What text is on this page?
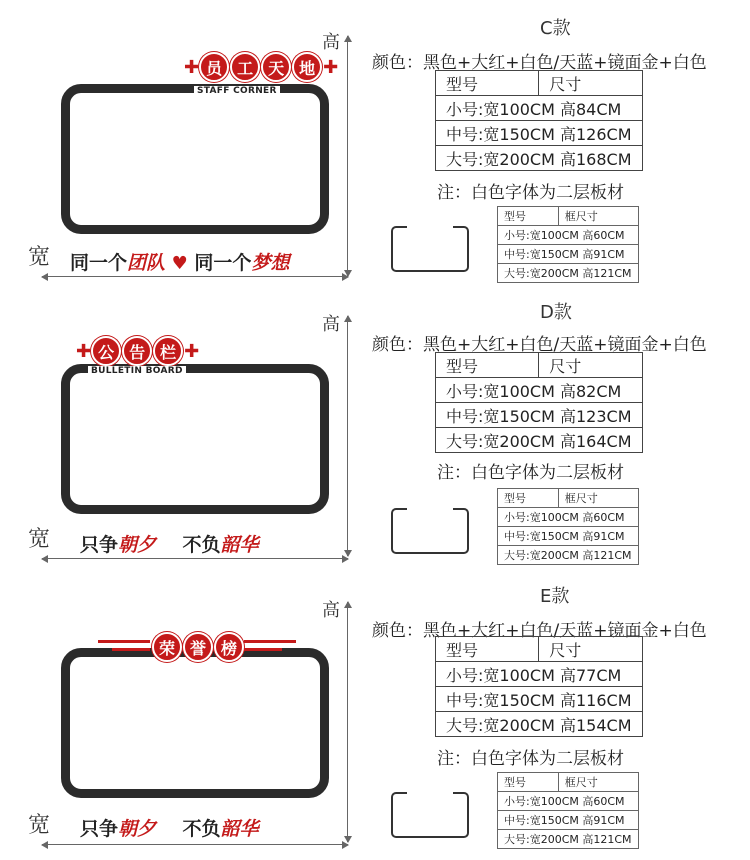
C款
高
✚ 员 工 天 地 ✚
STAFF CORNER
宽 同一个团队 ♥ 同一个梦想
颜色：黑色+大红+白色/天蓝+镜面金+白色
型号	尺寸
小号:宽100CM 高84CM
中号:宽150CM 高126CM
大号:宽200CM 高168CM
注：白色字体为二层板材
型号	框尺寸
小号:宽100CM 高60CM
中号:宽150CM 高91CM
大号:宽200CM 高121CM
D款
高
✚ 公 告 栏 ✚
BULLETIN BOARD
宽 只争朝夕 不负韶华
颜色：黑色+大红+白色/天蓝+镜面金+白色
型号	尺寸
小号:宽100CM 高82CM
中号:宽150CM 高123CM
大号:宽200CM 高164CM
注：白色字体为二层板材
型号	框尺寸
小号:宽100CM 高60CM
中号:宽150CM 高91CM
大号:宽200CM 高121CM
E款
高
荣 誉 榜
宽 只争朝夕 不负韶华
颜色：黑色+大红+白色/天蓝+镜面金+白色
型号	尺寸
小号:宽100CM 高77CM
中号:宽150CM 高116CM
大号:宽200CM 高154CM
注：白色字体为二层板材
型号	框尺寸
小号:宽100CM 高60CM
中号:宽150CM 高91CM
大号:宽200CM 高121CM
